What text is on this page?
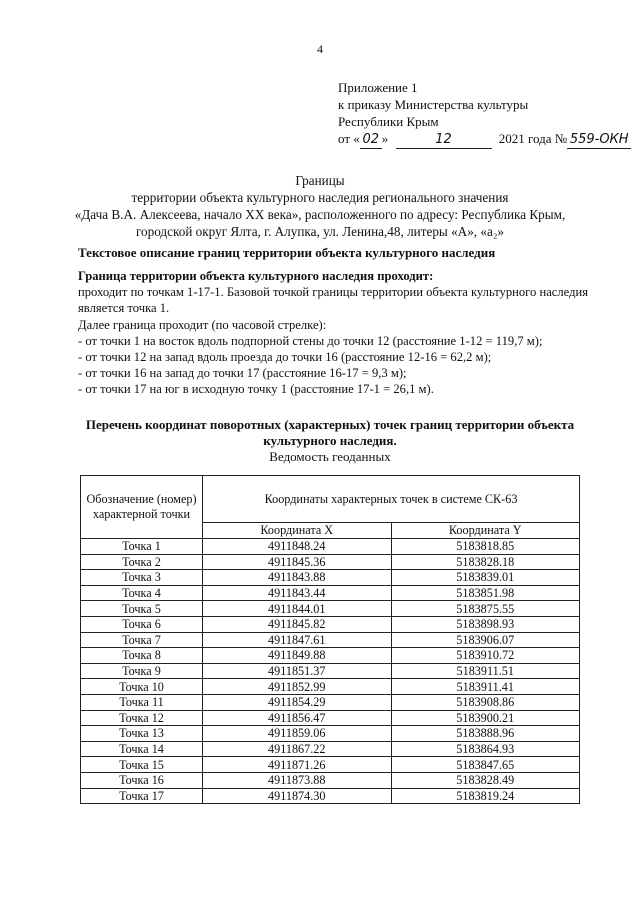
4
Приложение 1
к приказу Министерства культуры
Республики Крым
от « 02 »	12	2021 года № 559-ОКН
Границы
территории объекта культурного наследия регионального значения
«Дача В.А. Алексеева, начало XX века», расположенного по адресу: Республика Крым,
городской округ Ялта, г. Алупка, ул. Ленина,48, литеры «А», «а₂»
Текстовое описание границ территории объекта культурного наследия

Граница территории объекта культурного наследия проходит:

проходит по точкам 1-17-1. Базовой точкой границы территории объекта культурного наследия является точка 1.

Далее граница проходит (по часовой стрелке):

- от точки 1 на восток вдоль подпорной стены до точки 12 (расстояние 1-12 = 119,7 м);

- от точки 12 на запад вдоль проезда до точки 16 (расстояние 12-16 = 62,2 м);

- от точки 16 на запад до точки 17 (расстояние 16-17 = 9,3 м);

- от точки 17 на юг в исходную точку 1 (расстояние 17-1 = 26,1 м).

Перечень координат поворотных (характерных) точек границ территории объекта
культурного наследия.
Ведомость геоданных
Обозначение (номер) характерной точки	Координаты характерных точек в системе СК-63	
	Координата X	Координата Y
Точка 1	4911848.24	5183818.85
Точка 2	4911845.36	5183828.18
Точка 3	4911843.88	5183839.01
Точка 4	4911843.44	5183851.98
Точка 5	4911844.01	5183875.55
Точка 6	4911845.82	5183898.93
Точка 7	4911847.61	5183906.07
Точка 8	4911849.88	5183910.72
Точка 9	4911851.37	5183911.51
Точка 10	4911852.99	5183911.41
Точка 11	4911854.29	5183908.86
Точка 12	4911856.47	5183900.21
Точка 13	4911859.06	5183888.96
Точка 14	4911867.22	5183864.93
Точка 15	4911871.26	5183847.65
Точка 16	4911873.88	5183828.49
Точка 17	4911874.30	5183819.24
